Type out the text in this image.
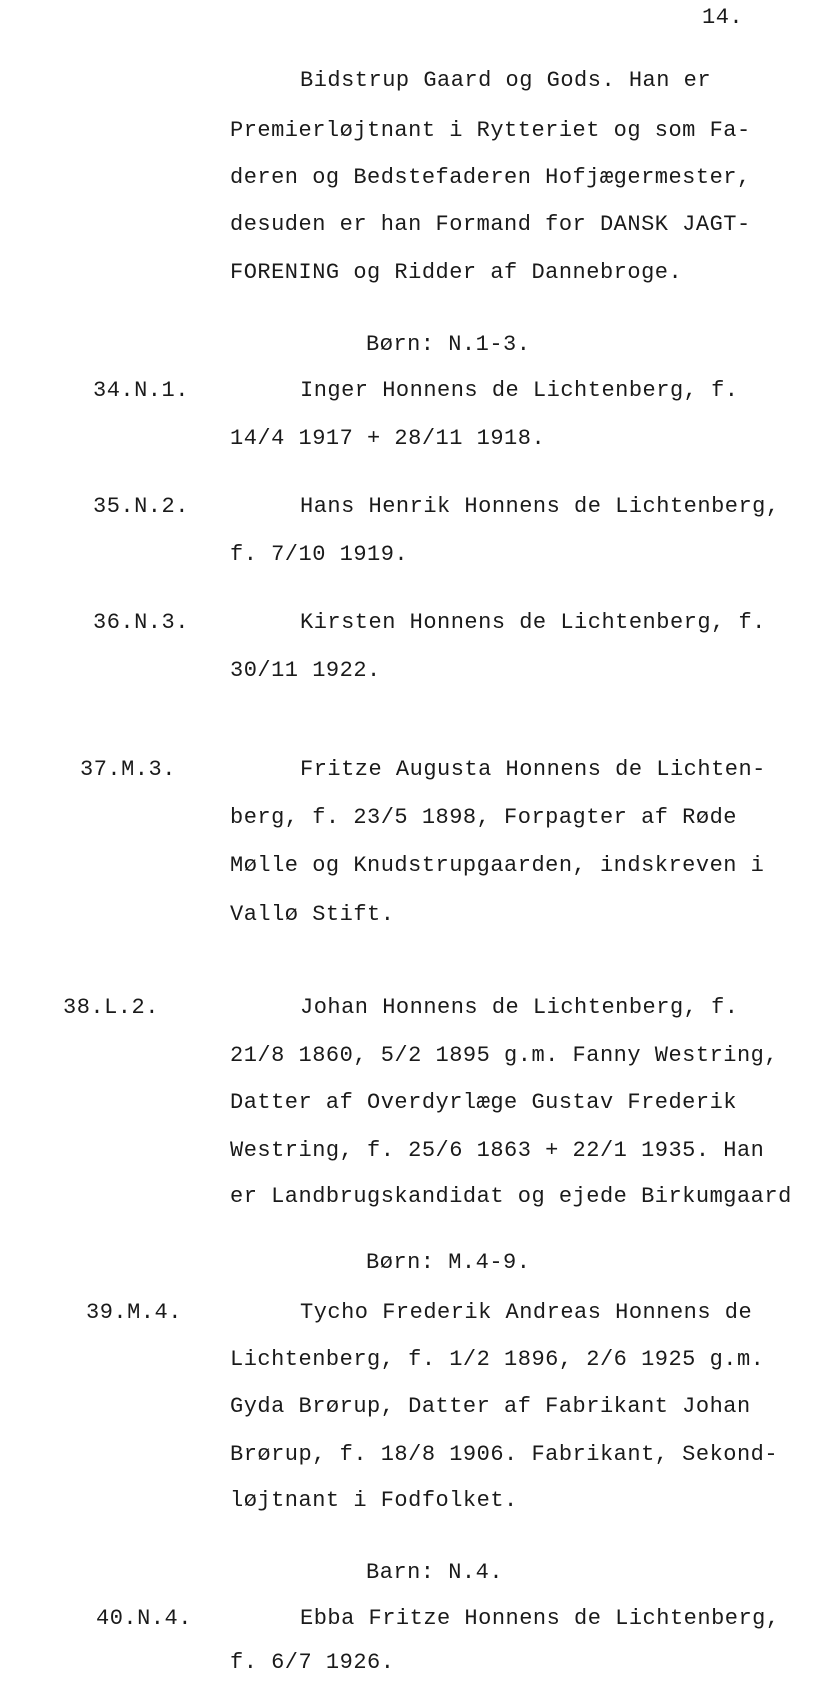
14.
Bidstrup Gaard og Gods. Han er
Premierløjtnant i Rytteriet og som Fa-
deren og Bedstefaderen Hofjægermester,
desuden er han Formand for DANSK JAGT-
FORENING og Ridder af Dannebroge.
Børn: N.1-3.
34.N.1.	Inger Honnens de Lichtenberg, f.
14/4 1917 + 28/11 1918.
35.N.2.	Hans Henrik Honnens de Lichtenberg,
f. 7/10 1919.
36.N.3.	Kirsten Honnens de Lichtenberg, f.
30/11 1922.
37.M.3.	Fritze Augusta Honnens de Lichten-
berg, f. 23/5 1898, Forpagter af Røde
Mølle og Knudstrupgaarden, indskreven i
Vallø Stift.
38.L.2.	Johan Honnens de Lichtenberg, f.
21/8 1860, 5/2 1895 g.m. Fanny Westring,
Datter af Overdyrlæge Gustav Frederik
Westring, f. 25/6 1863 + 22/1 1935. Han
er Landbrugskandidat og ejede Birkumgaard
Børn: M.4-9.
39.M.4.	Tycho Frederik Andreas Honnens de
Lichtenberg, f. 1/2 1896, 2/6 1925 g.m.
Gyda Brørup, Datter af Fabrikant Johan
Brørup, f. 18/8 1906. Fabrikant, Sekond-
løjtnant i Fodfolket.
Barn: N.4.
40.N.4.	Ebba Fritze Honnens de Lichtenberg,
f. 6/7 1926.
